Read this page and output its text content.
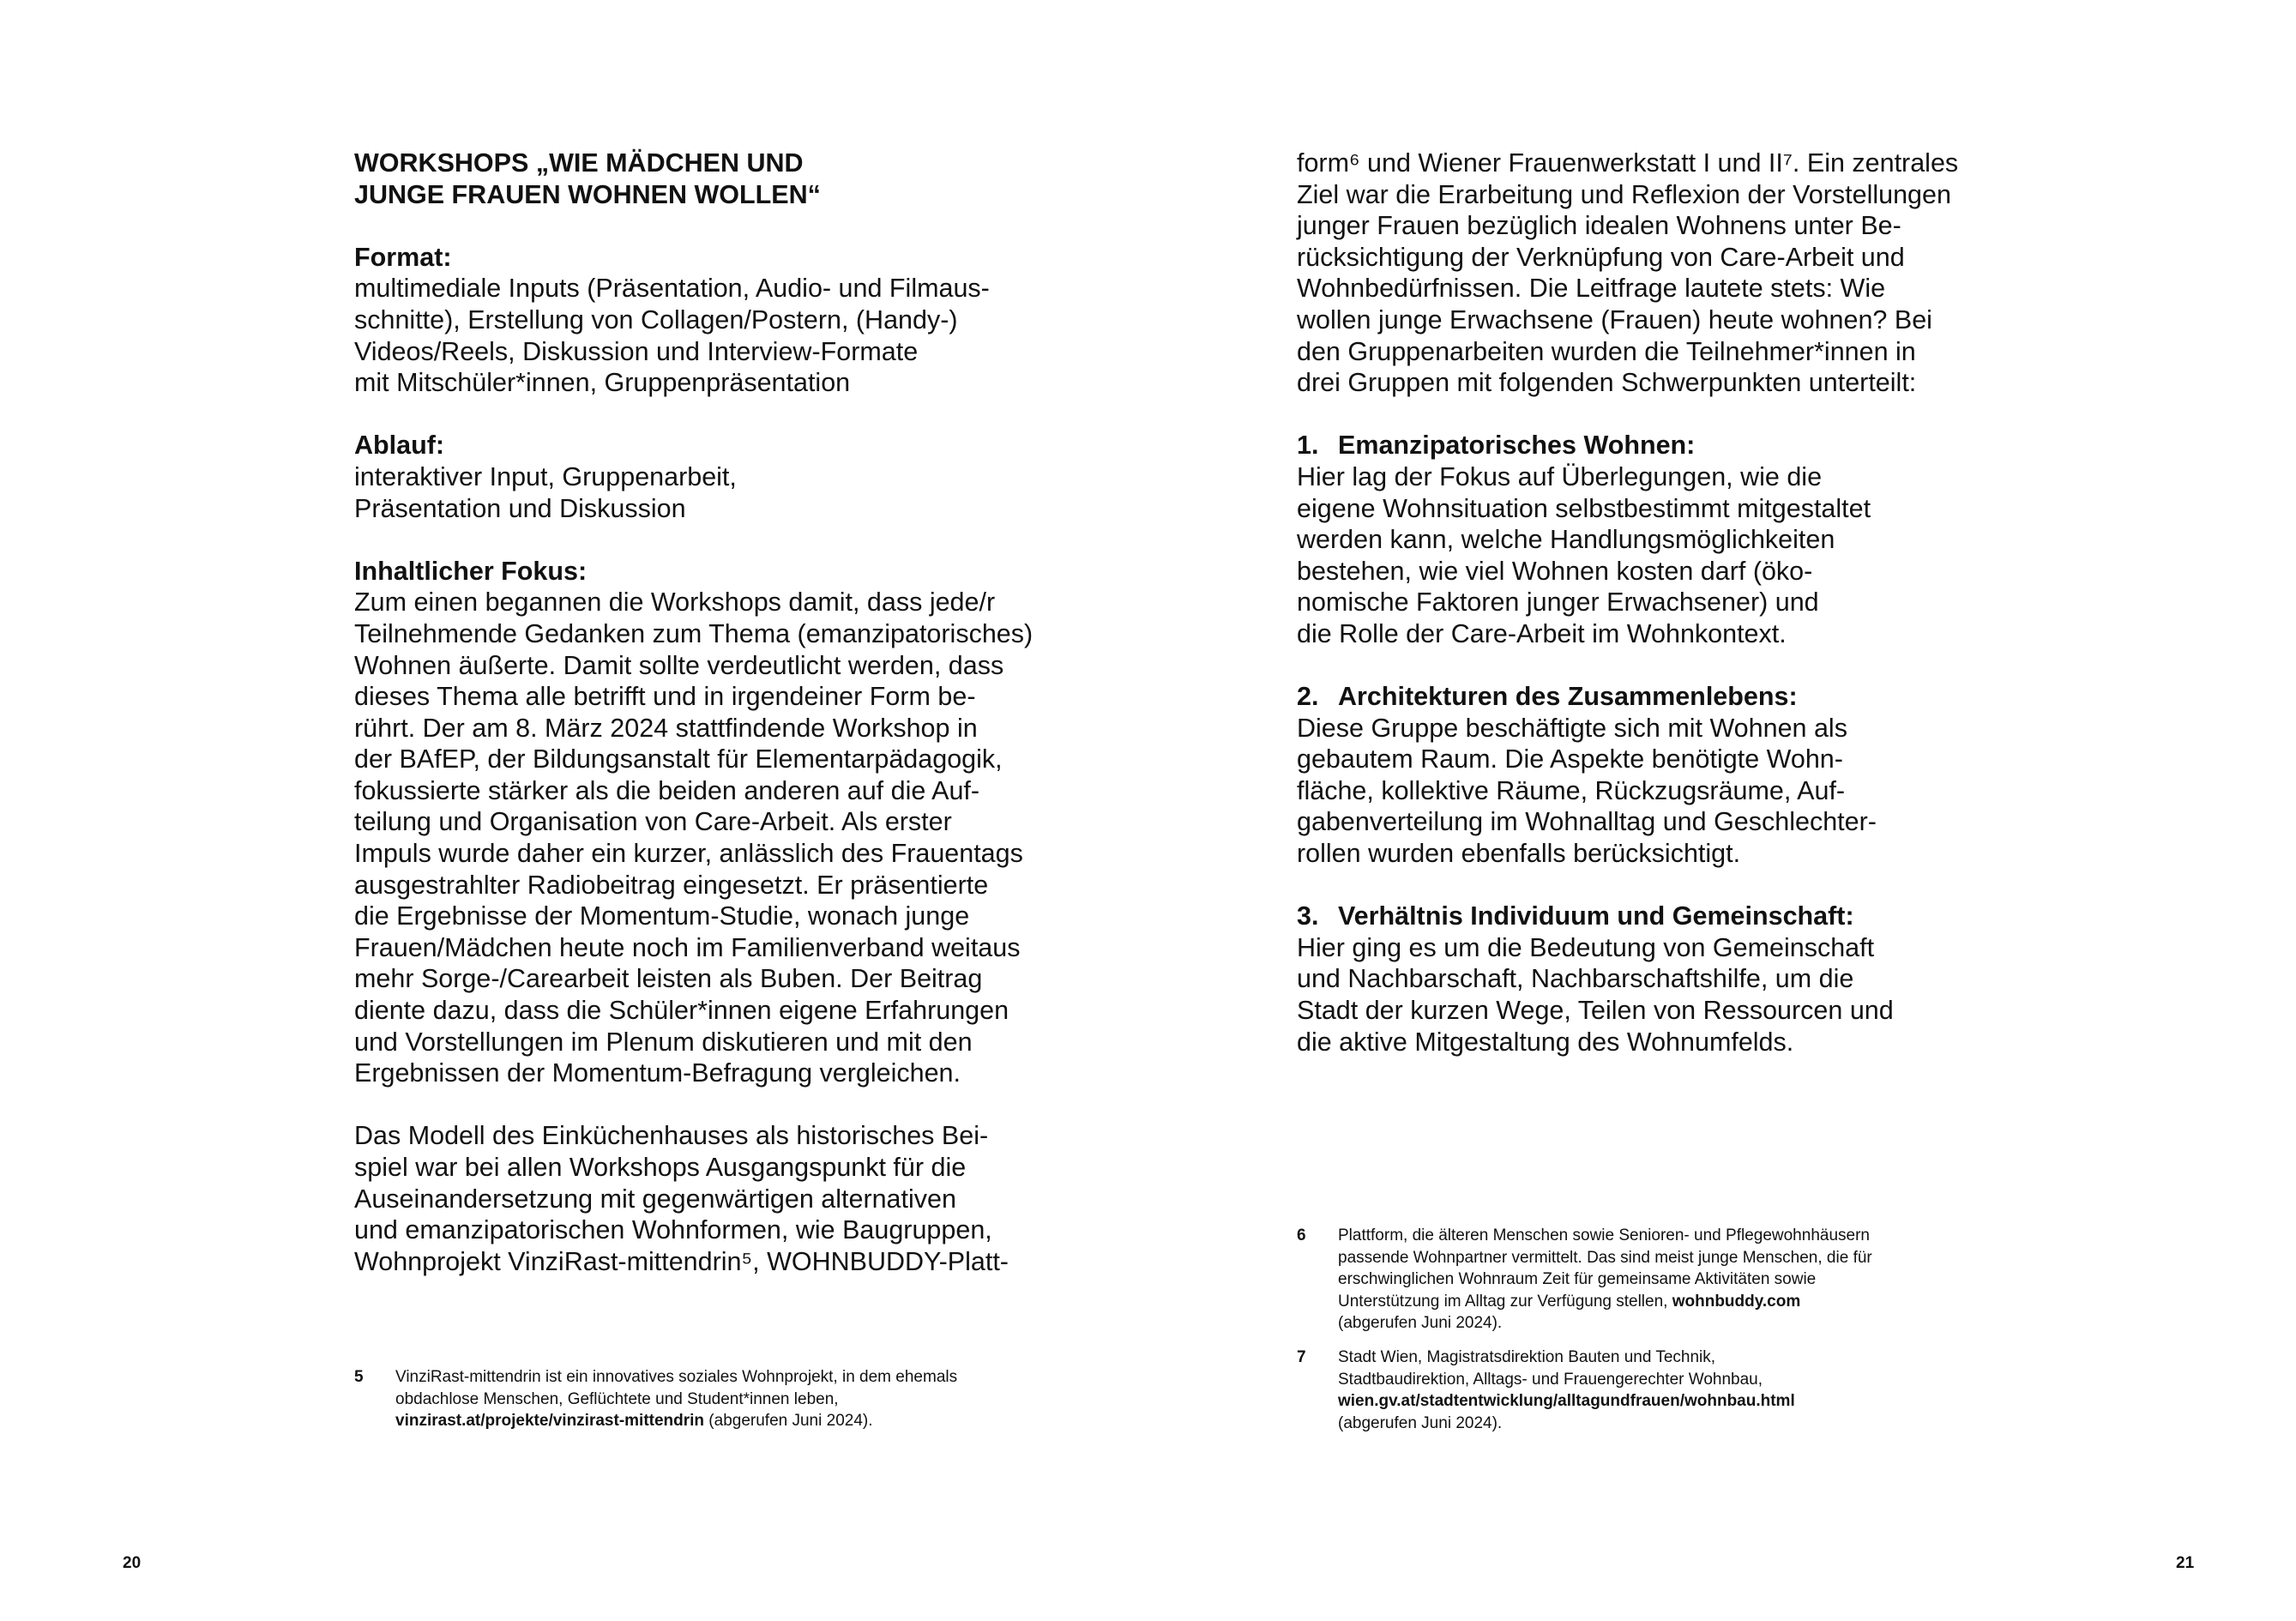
WORKSHOPS „WIE MÄDCHEN UND
JUNGE FRAUEN WOHNEN WOLLEN“
Format:
multimediale Inputs (Präsentation, Audio- und Filmaus-
schnitte), Erstellung von Collagen/Postern, (Handy-)
Videos/Reels, Diskussion und Interview-Formate
mit Mitschüler*innen, Gruppenpräsentation
Ablauf:
interaktiver Input, Gruppenarbeit,
Präsentation und Diskussion
Inhaltlicher Fokus:
Zum einen begannen die Workshops damit, dass jede/r
Teilnehmende Gedanken zum Thema (emanzipatorisches)
Wohnen äußerte. Damit sollte verdeutlicht werden, dass
dieses Thema alle betrifft und in irgendeiner Form be-
rührt. Der am 8. März 2024 stattfindende Workshop in
der BAfEP, der Bildungsanstalt für Elementarpädagogik,
fokussierte stärker als die beiden anderen auf die Auf-
teilung und Organisation von Care-Arbeit. Als erster
Impuls wurde daher ein kurzer, anlässlich des Frauentags
ausgestrahlter Radiobeitrag eingesetzt. Er präsentierte
die Ergebnisse der Momentum-Studie, wonach junge
Frauen/Mädchen heute noch im Familienverband weitaus
mehr Sorge-/Carearbeit leisten als Buben. Der Beitrag
diente dazu, dass die Schüler*innen eigene Erfahrungen
und Vorstellungen im Plenum diskutieren und mit den
Ergebnissen der Momentum-Befragung vergleichen.
Das Modell des Einküchenhauses als historisches Bei-
spiel war bei allen Workshops Ausgangspunkt für die
Auseinandersetzung mit gegenwärtigen alternativen
und emanzipatorischen Wohnformen, wie Baugruppen,
Wohnprojekt VinziRast-mittendrin⁵, WOHNBUDDY-Platt-
5 VinziRast-mittendrin ist ein innovatives soziales Wohnprojekt, in dem ehemals
obdachlose Menschen, Geflüchtete und Student*innen leben,
vinzirast.at/projekte/vinzirast-mittendrin (abgerufen Juni 2024).
20
form⁶ und Wiener Frauenwerkstatt I und II⁷. Ein zentrales
Ziel war die Erarbeitung und Reflexion der Vorstellungen
junger Frauen bezüglich idealen Wohnens unter Be-
rücksichtigung der Verknüpfung von Care-Arbeit und
Wohnbedürfnissen. Die Leitfrage lautete stets: Wie
wollen junge Erwachsene (Frauen) heute wohnen? Bei
den Gruppenarbeiten wurden die Teilnehmer*innen in
drei Gruppen mit folgenden Schwerpunkten unterteilt:
1. Emanzipatorisches Wohnen:
Hier lag der Fokus auf Überlegungen, wie die
eigene Wohnsituation selbstbestimmt mitgestaltet
werden kann, welche Handlungsmöglichkeiten
bestehen, wie viel Wohnen kosten darf (öko-
nomische Faktoren junger Erwachsener) und
die Rolle der Care-Arbeit im Wohnkontext.
2. Architekturen des Zusammenlebens:
Diese Gruppe beschäftigte sich mit Wohnen als
gebautem Raum. Die Aspekte benötigte Wohn-
fläche, kollektive Räume, Rückzugsräume, Auf-
gabenverteilung im Wohnalltag und Geschlechter-
rollen wurden ebenfalls berücksichtigt.
3. Verhältnis Individuum und Gemeinschaft:
Hier ging es um die Bedeutung von Gemeinschaft
und Nachbarschaft, Nachbarschaftshilfe, um die
Stadt der kurzen Wege, Teilen von Ressourcen und
die aktive Mitgestaltung des Wohnumfelds.
6 Plattform, die älteren Menschen sowie Senioren- und Pflegewohnhäusern
passende Wohnpartner vermittelt. Das sind meist junge Menschen, die für
erschwinglichen Wohnraum Zeit für gemeinsame Aktivitäten sowie
Unterstützung im Alltag zur Verfügung stellen, wohnbuddy.com
(abgerufen Juni 2024).
7 Stadt Wien, Magistratsdirektion Bauten und Technik,
Stadtbaudirektion, Alltags- und Frauengerechter Wohnbau,
wien.gv.at/stadtentwicklung/alltagundfrauen/wohnbau.html
(abgerufen Juni 2024).
21
